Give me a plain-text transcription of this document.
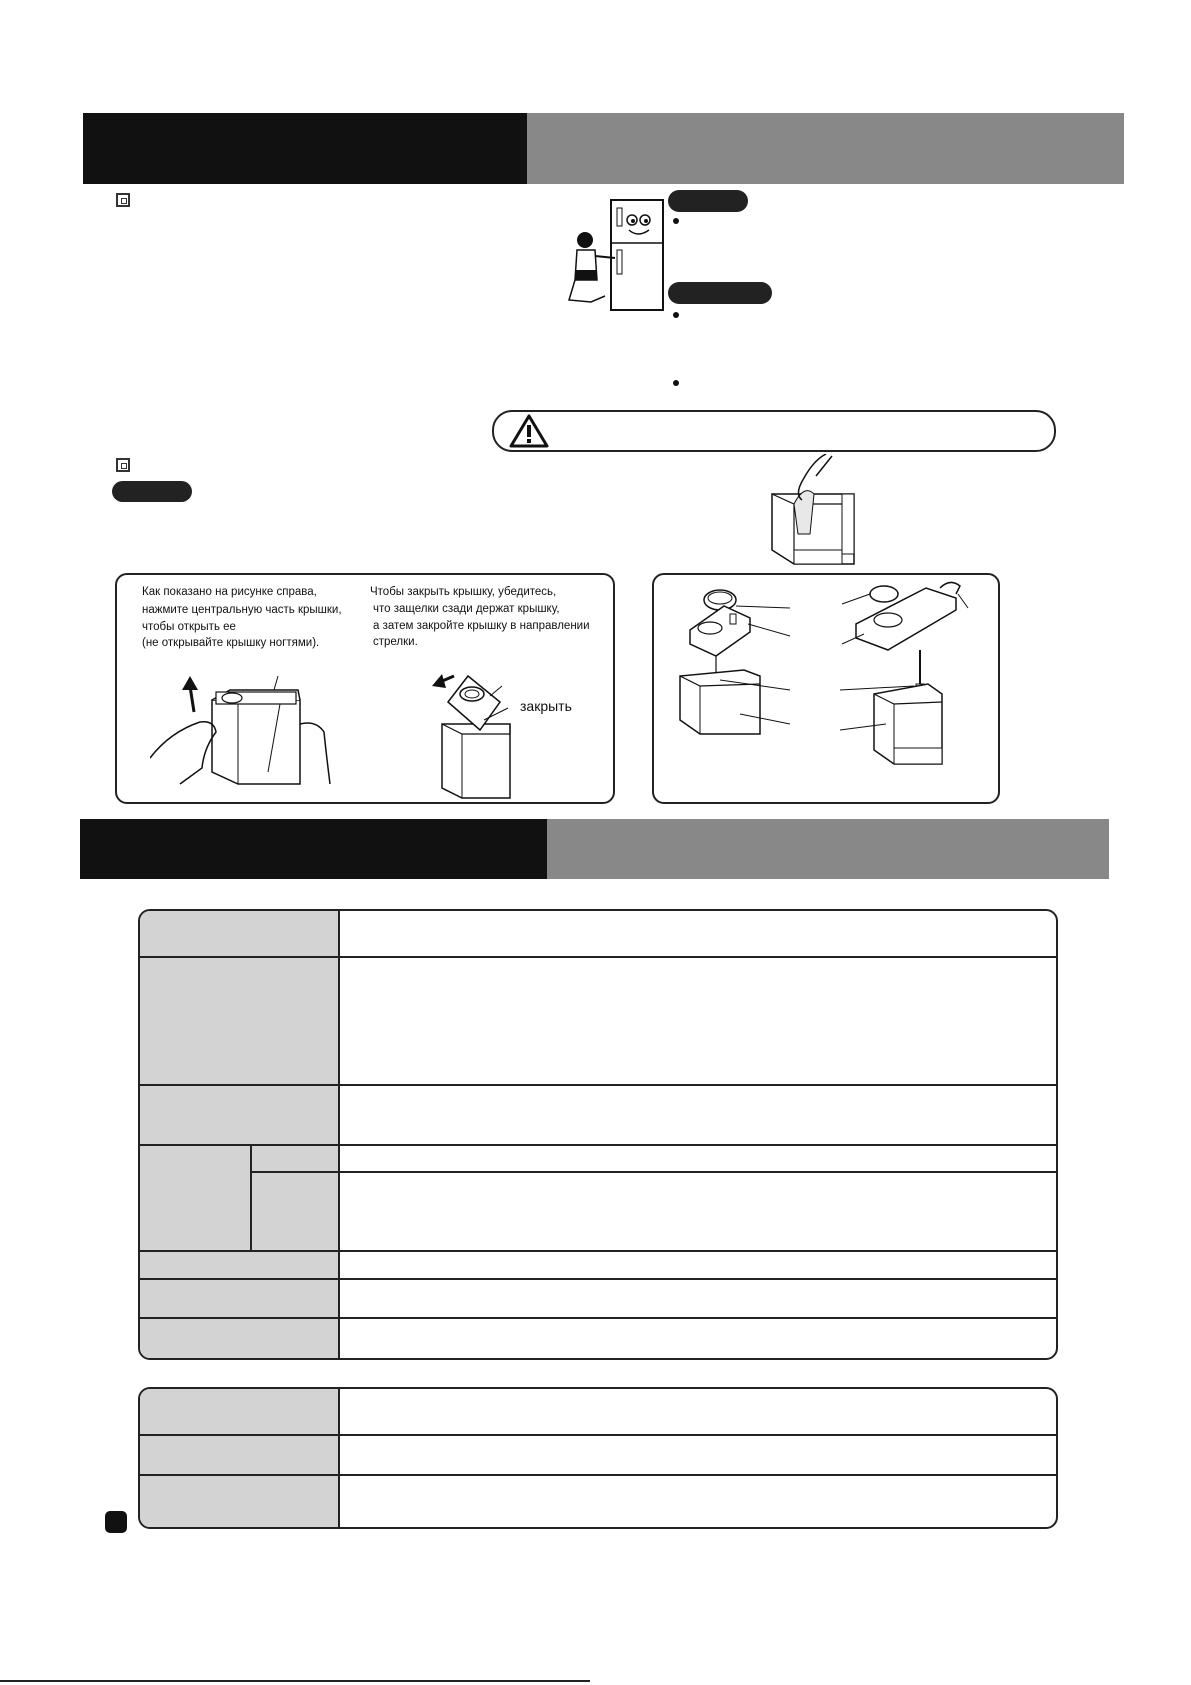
Как показано на рисунке справа,
нажмите центральную часть крышки,
чтобы открыть ее
(не открывайте крышку ногтями).
Чтобы закрыть крышку, убедитесь,
что защелки сзади держат крышку,
а затем закройте крышку в направлении
стрелки.
закрыть
